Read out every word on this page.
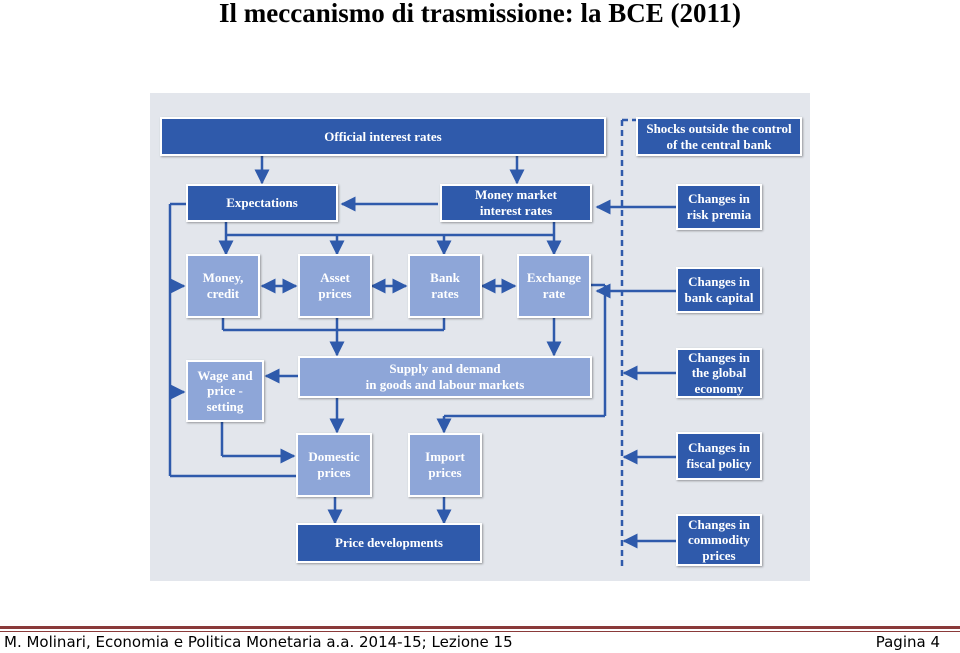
Il meccanismo di trasmissione: la BCE (2011)
Official interest rates
Shocks outside the control
of the central bank
Expectations
Money market
interest rates
Changes in
risk premia
Money,
credit
Asset
prices
Bank
rates
Exchange
rate
Changes in
bank capital
Wage and
price - setting
Supply and demand
in goods and labour markets
Changes in
the global
economy
Domestic
prices
Import
prices
Changes in
fiscal policy
Price developments
Changes in
commodity
prices
M. Molinari, Economia e Politica Monetaria a.a. 2014-15; Lezione 15	Pagina 4
